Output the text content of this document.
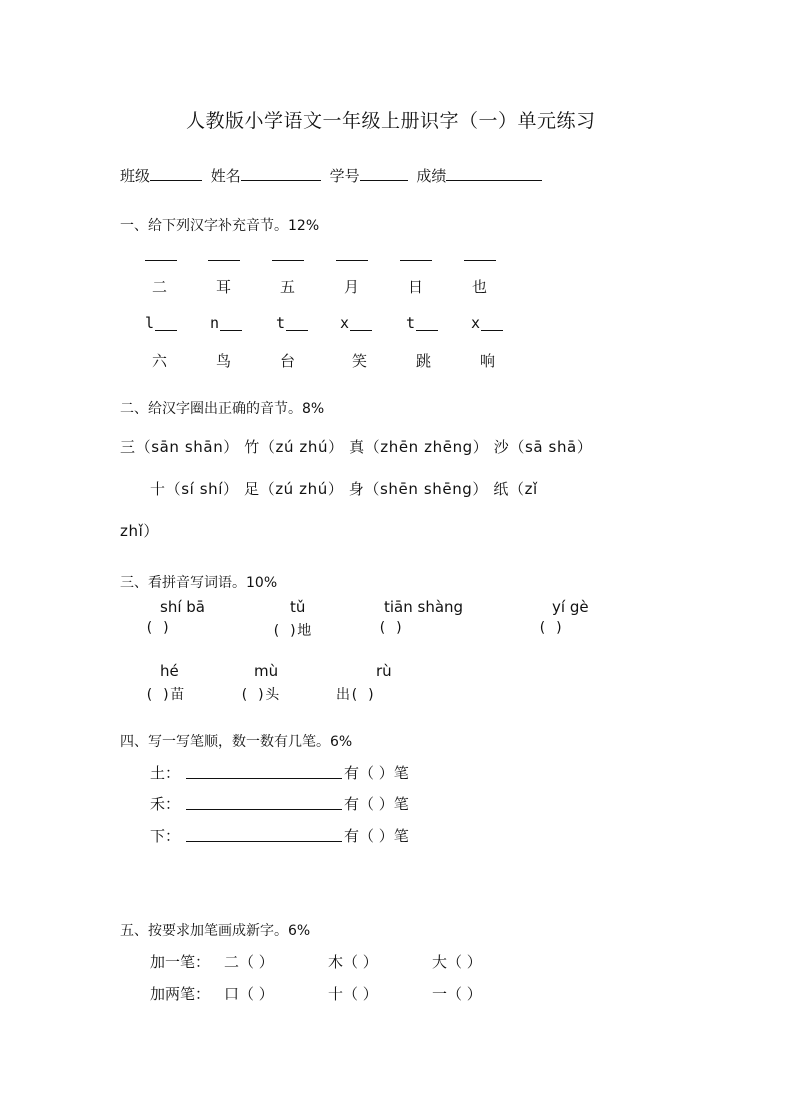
人教版小学语文一年级上册识字（一）单元练习
班级	姓名	学号	成绩
一、给下列汉字补充音节。12%
二	耳	五	月	日	也
l	n	t	x	t	x
六	鸟	台	笑	跳	响
二、给汉字圈出正确的音节。8%
三（sān shān） 竹（zú zhú） 真（zhēn zhēng） 沙（sā shā）
十（sí shí） 足（zú zhú） 身（shēn shēng） 纸（zǐ
zhǐ）
三、看拼音写词语。10%
shí bā	tǔ	tiān shàng	yí gè
( )	( )地	( )	( )
hé	mù	rù
( )苗	( )头	出( )
四、写一写笔顺，数一数有几笔。6%
土：	有（ ）笔
禾：	有（ ）笔
下：	有（ ）笔
五、按要求加笔画成新字。6%
加一笔： 二（ ）	木（ ）	大（ ）
加两笔： 口（ ）	十（ ）	一（ ）
